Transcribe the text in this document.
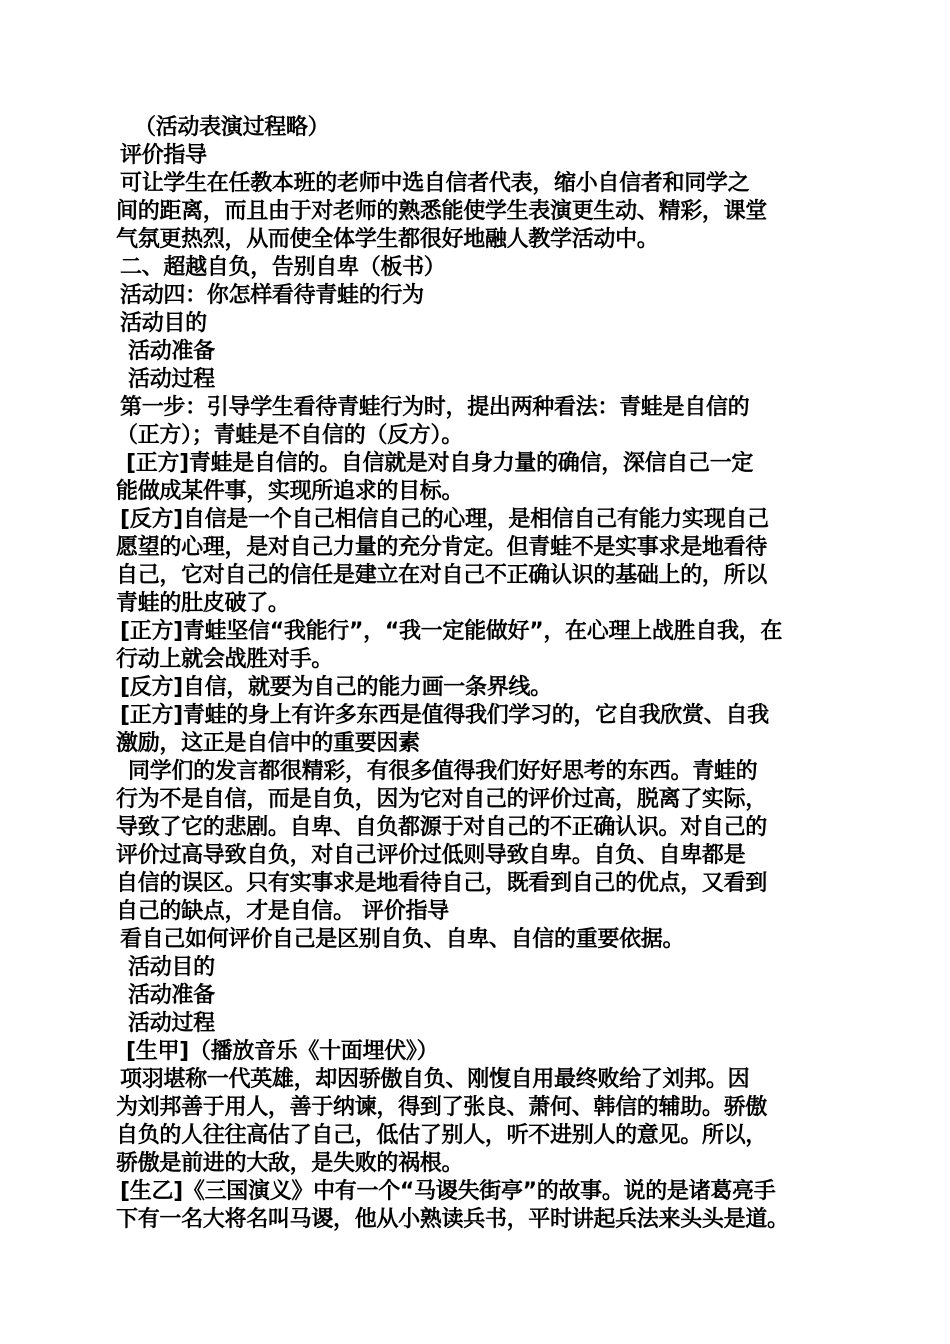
（活动表演过程略）
评价指导
可让学生在任教本班的老师中选自信者代表，缩小自信者和同学之
间的距离，而且由于对老师的熟悉能使学生表演更生动、精彩，课堂
气氛更热烈，从而使全体学生都很好地融人教学活动中。
二、超越自负，告别自卑（板书）
活动四：你怎样看待青蛙的行为
活动目的
活动准备
活动过程
第一步：引导学生看待青蛙行为时，提出两种看法：青蛙是自信的
（正方）；青蛙是不自信的（反方）。
[正方]青蛙是自信的。自信就是对自身力量的确信，深信自己一定
能做成某件事，实现所追求的目标。
[反方]自信是一个自己相信自己的心理，是相信自己有能力实现自己
愿望的心理，是对自己力量的充分肯定。但青蛙不是实事求是地看待
自己，它对自己的信任是建立在对自己不正确认识的基础上的，所以
青蛙的肚皮破了。
[正方]青蛙坚信“我能行”，“我一定能做好”，在心理上战胜自我，在
行动上就会战胜对手。
[反方]自信，就要为自己的能力画一条界线。
[正方]青蛙的身上有许多东西是值得我们学习的，它自我欣赏、自我
激励，这正是自信中的重要因素
同学们的发言都很精彩，有很多值得我们好好思考的东西。青蛙的
行为不是自信，而是自负，因为它对自己的评价过高，脱离了实际，
导致了它的悲剧。自卑、自负都源于对自己的不正确认识。对自己的
评价过高导致自负，对自己评价过低则导致自卑。自负、自卑都是
自信的误区。只有实事求是地看待自己，既看到自己的优点，又看到
自己的缺点，才是自信。 评价指导
看自己如何评价自己是区别自负、自卑、自信的重要依据。
活动目的
活动准备
活动过程
[生甲]（播放音乐《十面埋伏》）
项羽堪称一代英雄，却因骄傲自负、刚愎自用最终败给了刘邦。因
为刘邦善于用人，善于纳谏，得到了张良、萧何、韩信的辅助。骄傲
自负的人往往高估了自己，低估了别人，听不进别人的意见。所以，
骄傲是前进的大敌，是失败的祸根。
[生乙]《三国演义》中有一个“马谡失街亭”的故事。说的是诸葛亮手
下有一名大将名叫马谡，他从小熟读兵书，平时讲起兵法来头头是道。
